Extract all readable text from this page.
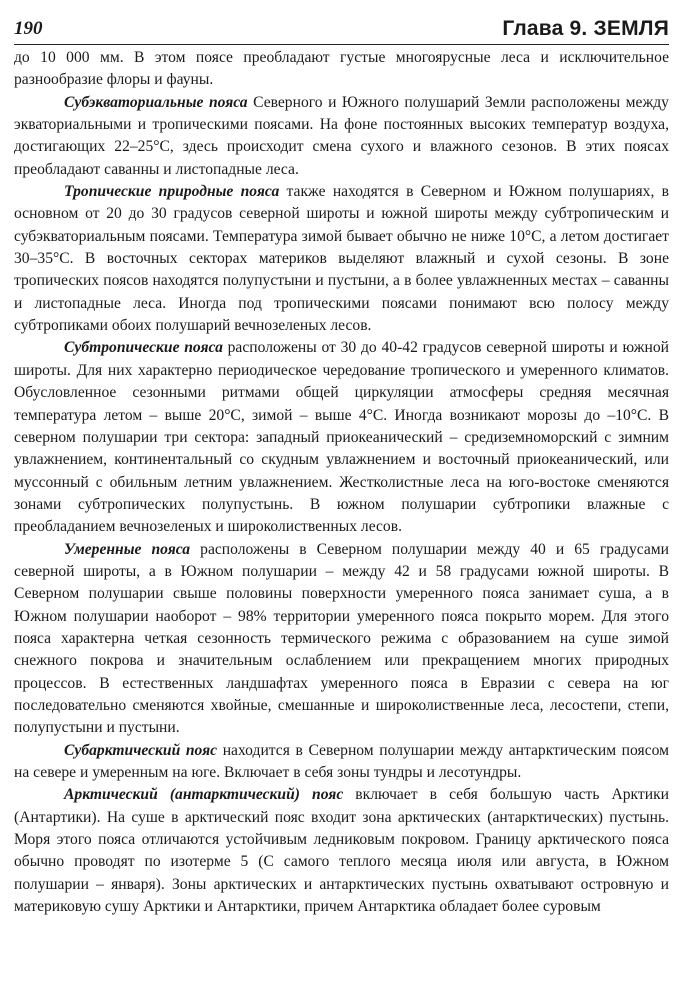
190	Глава 9. ЗЕМЛЯ

до 10 000 мм. В этом поясе преобладают густые многоярусные леса и исключительное разнообразие флоры и фауны.

Субэкваториальные пояса Северного и Южного полушарий Земли расположены между экваториальными и тропическими поясами. На фоне постоянных высоких температур воздуха, достигающих 22–25°С, здесь происходит смена сухого и влажного сезонов. В этих поясах преобладают саванны и листопадные леса.

Тропические природные пояса также находятся в Северном и Южном полушариях, в основном от 20 до 30 градусов северной широты и южной широты между субтропическим и субэкваториальным поясами. Температура зимой бывает обычно не ниже 10°С, а летом достигает 30–35°С. В восточных секторах материков выделяют влажный и сухой сезоны. В зоне тропических поясов находятся полупустыни и пустыни, а в более увлажненных местах – саванны и листопадные леса. Иногда под тропическими поясами понимают всю полосу между субтропиками обоих полушарий вечнозеленых лесов.

Субтропические пояса расположены от 30 до 40-42 градусов северной широты и южной широты. Для них характерно периодическое чередование тропического и умеренного климатов. Обусловленное сезонными ритмами общей циркуляции атмосферы средняя месячная температура летом – выше 20°С, зимой – выше 4°С. Иногда возникают морозы до –10°С. В северном полушарии три сектора: западный приокеанический – средиземноморский с зимним увлажнением, континентальный со скудным увлажнением и восточный приокеанический, или муссонный с обильным летним увлажнением. Жестколистные леса на юго-востоке сменяются зонами субтропических полупустынь. В южном полушарии субтропики влажные с преобладанием вечнозеленых и широколиственных лесов.

Умеренные пояса расположены в Северном полушарии между 40 и 65 градусами северной широты, а в Южном полушарии – между 42 и 58 градусами южной широты. В Северном полушарии свыше половины поверхности умеренного пояса занимает суша, а в Южном полушарии наоборот – 98% территории умеренного пояса покрыто морем. Для этого пояса характерна четкая сезонность термического режима с образованием на суше зимой снежного покрова и значительным ослаблением или прекращением многих природных процессов. В естественных ландшафтах умеренного пояса в Евразии с севера на юг последовательно сменяются хвойные, смешанные и широколиственные леса, лесостепи, степи, полупустыни и пустыни.

Субарктический пояс находится в Северном полушарии между антарктическим поясом на севере и умеренным на юге. Включает в себя зоны тундры и лесотундры.

Арктический (антарктический) пояс включает в себя большую часть Арктики (Антартики). На суше в арктический пояс входит зона арктических (антарктических) пустынь. Моря этого пояса отличаются устойчивым ледниковым покровом. Границу арктического пояса обычно проводят по изотерме 5 (С самого теплого месяца июля или августа, в Южном полушарии – января). Зоны арктических и антарктических пустынь охватывают островную и материковую сушу Арктики и Антарктики, причем Антарктика обладает более суровым
